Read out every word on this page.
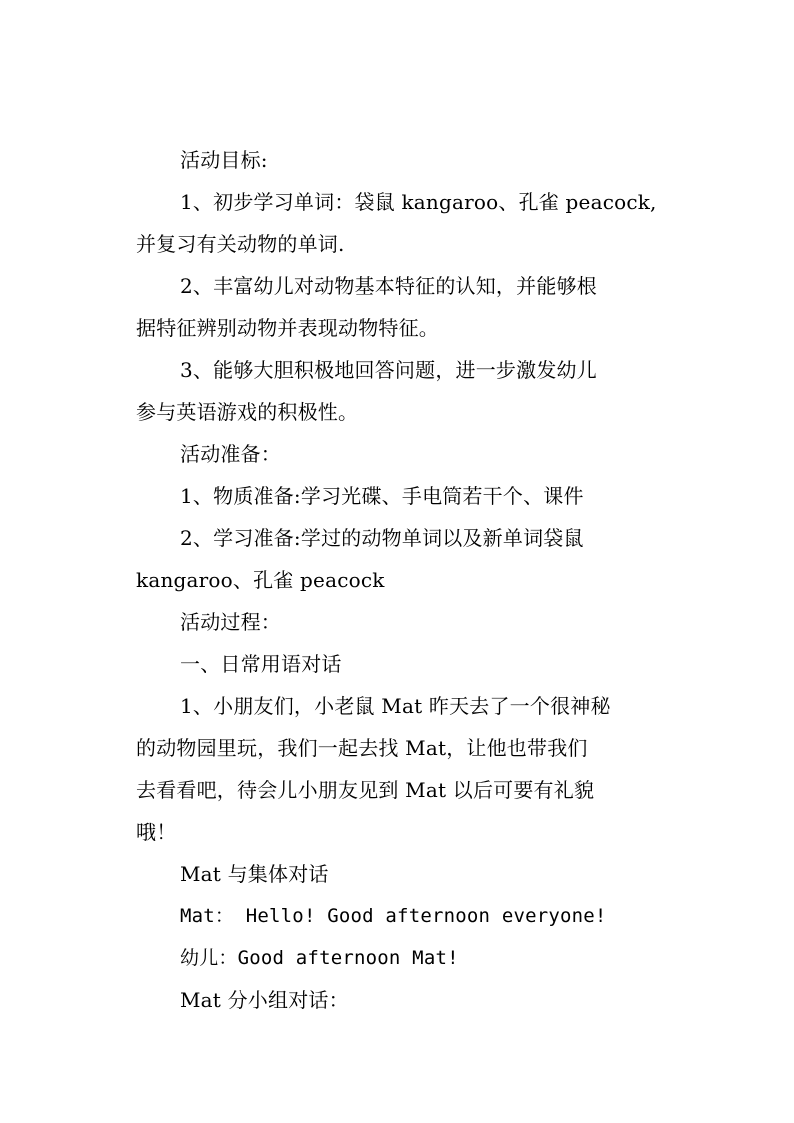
活动目标:
1、初步学习单词：袋鼠 kangaroo、孔雀 peacock,
并复习有关动物的单词.
2、丰富幼儿对动物基本特征的认知，并能够根
据特征辨别动物并表现动物特征。
3、能够大胆积极地回答问题，进一步激发幼儿
参与英语游戏的积极性。
活动准备：
1、物质准备:学习光碟、手电筒若干个、课件
2、学习准备:学过的动物单词以及新单词袋鼠
kangaroo、孔雀 peacock
活动过程：
一、日常用语对话
1、小朋友们，小老鼠 Mat 昨天去了一个很神秘
的动物园里玩，我们一起去找 Mat，让他也带我们
去看看吧，待会儿小朋友见到 Mat 以后可要有礼貌
哦！
Mat 与集体对话
Mat： Hello! Good afternoon everyone!
幼儿：Good afternoon Mat!
Mat 分小组对话：
